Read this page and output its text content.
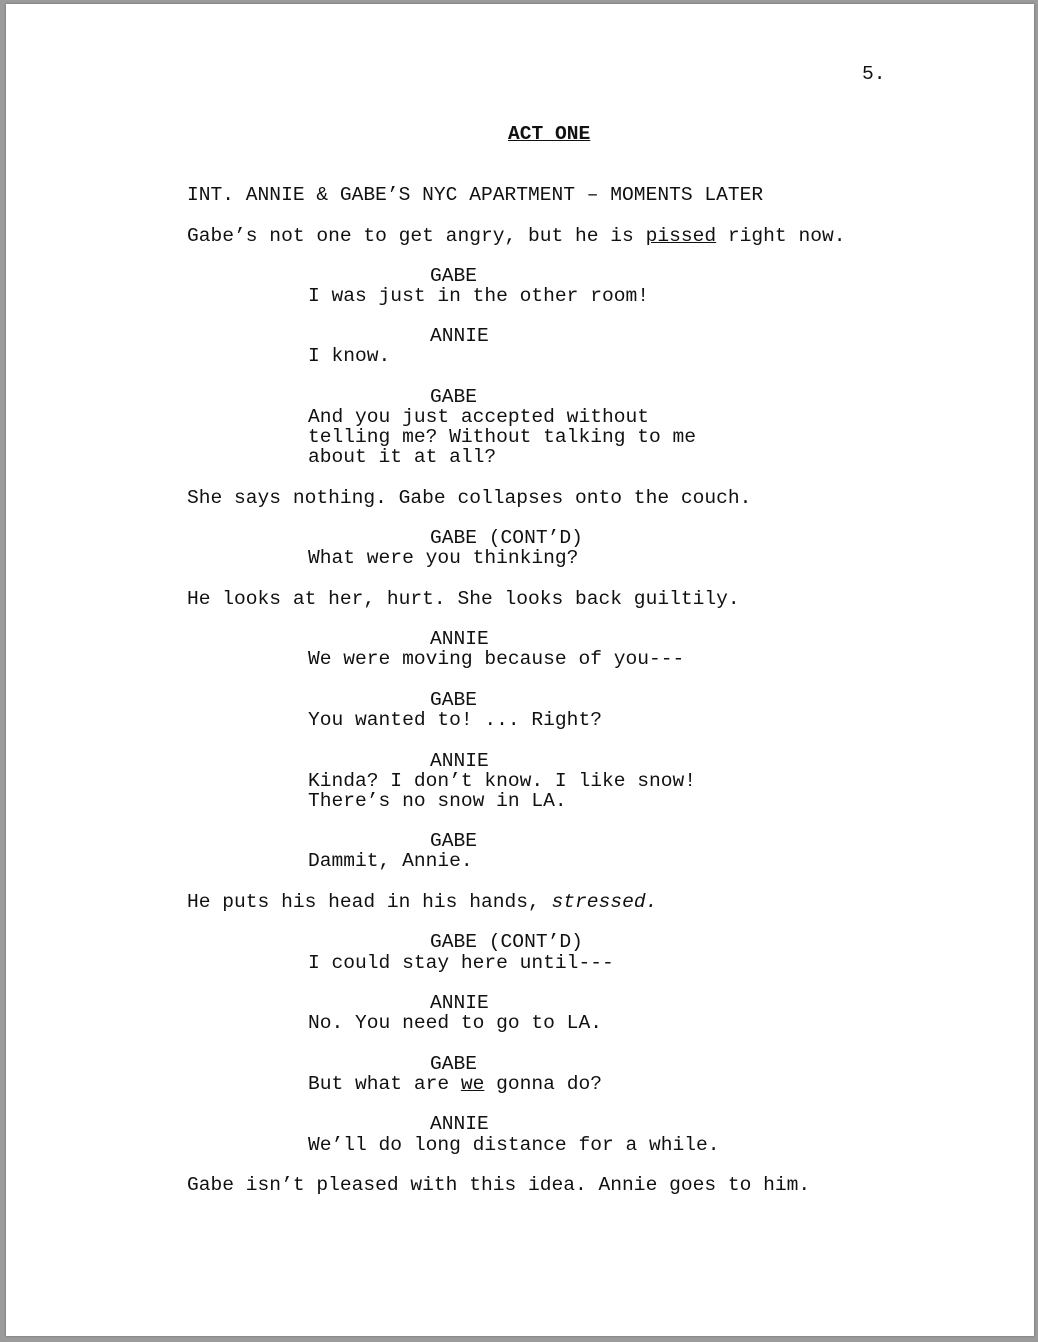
5.
ACT ONE
INT. ANNIE & GABE’S NYC APARTMENT – MOMENTS LATER
Gabe’s not one to get angry, but he is pissed right now.
GABE
I was just in the other room!
ANNIE
I know.
GABE
And you just accepted without
telling me? Without talking to me
about it at all?
She says nothing. Gabe collapses onto the couch.
GABE (CONT’D)
What were you thinking?
He looks at her, hurt. She looks back guiltily.
ANNIE
We were moving because of you---
GABE
You wanted to! ... Right?
ANNIE
Kinda? I don’t know. I like snow!
There’s no snow in LA.
GABE
Dammit, Annie.
He puts his head in his hands, stressed.
GABE (CONT’D)
I could stay here until---
ANNIE
No. You need to go to LA.
GABE
But what are we gonna do?
ANNIE
We’ll do long distance for a while.
Gabe isn’t pleased with this idea. Annie goes to him.
